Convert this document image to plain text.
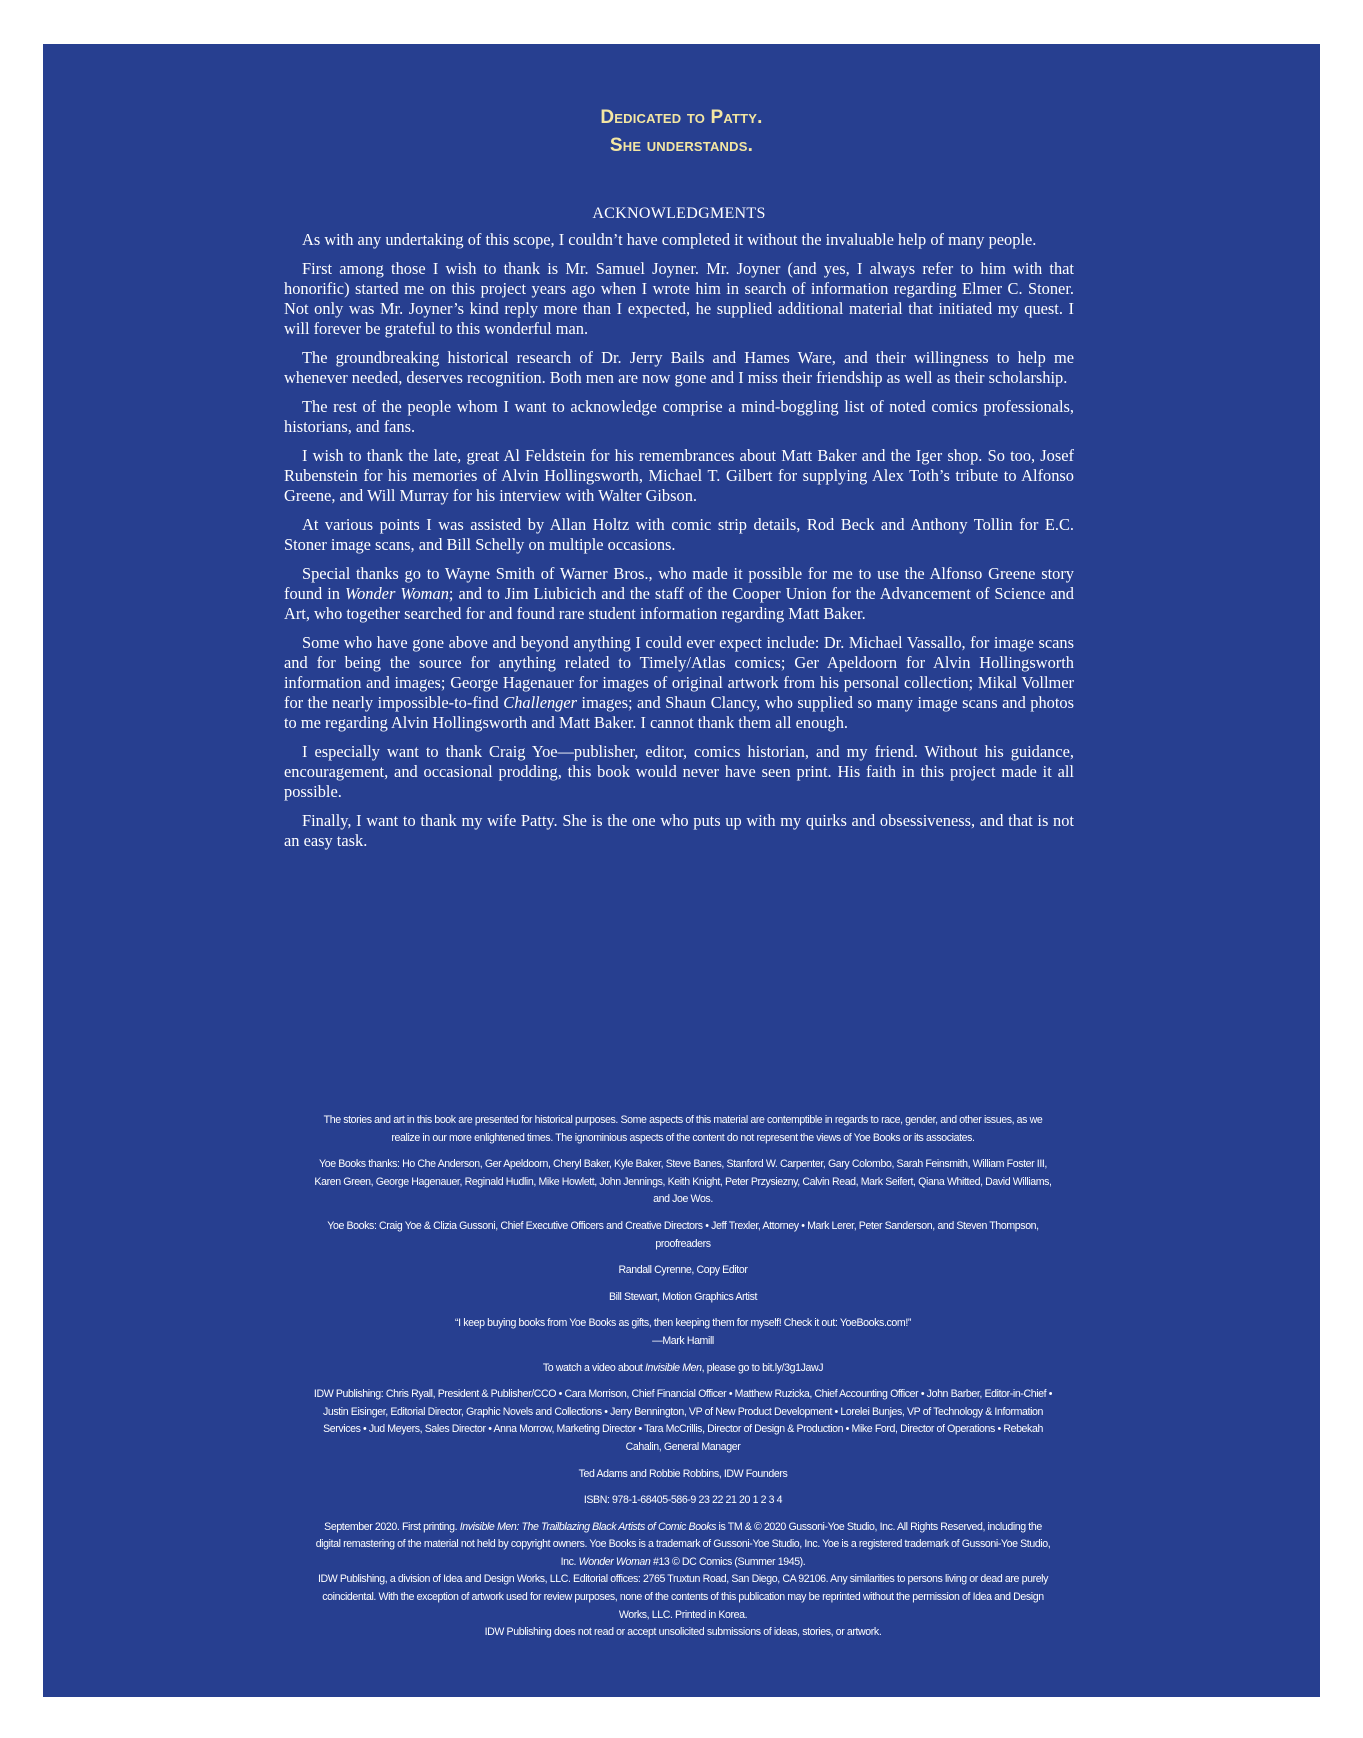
Dedicated to Patty.
She understands.
ACKNOWLEDGMENTS

As with any undertaking of this scope, I couldn’t have completed it without the invaluable help of many people.

First among those I wish to thank is Mr. Samuel Joyner. Mr. Joyner (and yes, I always refer to him with that honorific) started me on this project years ago when I wrote him in search of information regarding Elmer C. Stoner. Not only was Mr. Joyner’s kind reply more than I expected, he supplied additional material that initiated my quest. I will forever be grateful to this wonderful man.

The groundbreaking historical research of Dr. Jerry Bails and Hames Ware, and their willingness to help me whenever needed, deserves recognition. Both men are now gone and I miss their friendship as well as their scholarship.

The rest of the people whom I want to acknowledge comprise a mind-boggling list of noted comics professionals, historians, and fans.

I wish to thank the late, great Al Feldstein for his remembrances about Matt Baker and the Iger shop. So too, Josef Rubenstein for his memories of Alvin Hollingsworth, Michael T. Gilbert for supplying Alex Toth’s tribute to Alfonso Greene, and Will Murray for his interview with Walter Gibson.

At various points I was assisted by Allan Holtz with comic strip details, Rod Beck and Anthony Tollin for E.C. Stoner image scans, and Bill Schelly on multiple occasions.

Special thanks go to Wayne Smith of Warner Bros., who made it possible for me to use the Alfonso Greene story found in Wonder Woman; and to Jim Liubicich and the staff of the Cooper Union for the Advancement of Science and Art, who together searched for and found rare student information regarding Matt Baker.

Some who have gone above and beyond anything I could ever expect include: Dr. Michael Vassallo, for image scans and for being the source for anything related to Timely/Atlas comics; Ger Apeldoorn for Alvin Hollingsworth information and images; George Hagenauer for images of original artwork from his personal collection; Mikal Vollmer for the nearly impossible-to-find Challenger images; and Shaun Clancy, who supplied so many image scans and photos to me regarding Alvin Hollingsworth and Matt Baker. I cannot thank them all enough.

I especially want to thank Craig Yoe—publisher, editor, comics historian, and my friend. Without his guidance, encouragement, and occasional prodding, this book would never have seen print. His faith in this project made it all possible.

Finally, I want to thank my wife Patty. She is the one who puts up with my quirks and obsessiveness, and that is not an easy task.

The stories and art in this book are presented for historical purposes. Some aspects of this material are contemptible in regards to race, gender, and other issues, as we realize in our more enlightened times. The ignominious aspects of the content do not represent the views of Yoe Books or its associates.

Yoe Books thanks: Ho Che Anderson, Ger Apeldoorn, Cheryl Baker, Kyle Baker, Steve Banes, Stanford W. Carpenter, Gary Colombo, Sarah Feinsmith, William Foster III, Karen Green, George Hagenauer, Reginald Hudlin, Mike Howlett, John Jennings, Keith Knight, Peter Przysiezny, Calvin Read, Mark Seifert, Qiana Whitted, David Williams, and Joe Wos.

Yoe Books: Craig Yoe & Clizia Gussoni, Chief Executive Officers and Creative Directors • Jeff Trexler, Attorney • Mark Lerer, Peter Sanderson, and Steven Thompson, proofreaders

Randall Cyrenne, Copy Editor

Bill Stewart, Motion Graphics Artist

“I keep buying books from Yoe Books as gifts, then keeping them for myself! Check it out: YoeBooks.com!”
—Mark Hamill

To watch a video about Invisible Men, please go to bit.ly/3g1JawJ

IDW Publishing: Chris Ryall, President & Publisher/CCO • Cara Morrison, Chief Financial Officer • Matthew Ruzicka, Chief Accounting Officer • John Barber, Editor-in-Chief • Justin Eisinger, Editorial Director, Graphic Novels and Collections • Jerry Bennington, VP of New Product Development • Lorelei Bunjes, VP of Technology & Information Services • Jud Meyers, Sales Director • Anna Morrow, Marketing Director • Tara McCrillis, Director of Design & Production • Mike Ford, Director of Operations • Rebekah Cahalin, General Manager

Ted Adams and Robbie Robbins, IDW Founders

ISBN: 978-1-68405-586-9 23 22 21 20 1 2 3 4

September 2020. First printing. Invisible Men: The Trailblazing Black Artists of Comic Books is TM & © 2020 Gussoni-Yoe Studio, Inc. All Rights Reserved, including the digital remastering of the material not held by copyright owners. Yoe Books is a trademark of Gussoni-Yoe Studio, Inc. Yoe is a registered trademark of Gussoni-Yoe Studio, Inc. Wonder Woman #13 © DC Comics (Summer 1945).

IDW Publishing, a division of Idea and Design Works, LLC. Editorial offices: 2765 Truxtun Road, San Diego, CA 92106. Any similarities to persons living or dead are purely coincidental. With the exception of artwork used for review purposes, none of the contents of this publication may be reprinted without the permission of Idea and Design Works, LLC. Printed in Korea.

IDW Publishing does not read or accept unsolicited submissions of ideas, stories, or artwork.
